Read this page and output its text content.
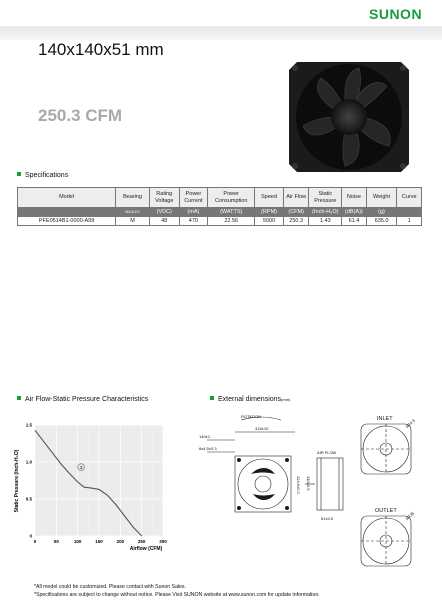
SUNON
140x140x51 mm
250.3 CFM
Specifications
Model	Bearing	Rating Voltage	Power Current	Power Consumption	Speed	Air Flow	Static Pressure	Noise	Weight	Curve
	MAGLEV	(VDC)	(mA)	(WATTS)	(RPM)	(CFM)	(Inch-H₂O)	(dB(A))	(g)	
PFE0514B1-0000-A99	M	48	470	22.56	5000	250.3	1.43	61.4	635.0	1
Air Flow-Static Pressure Characteristics
0	50	100	150	200	250	300
0
0.5
1.0
1.5
1
Airflow (CFM)
Static Pressure (Inch-H₂O)
External dimensions(mm)
ROTATION
315±10
140±1
8x4.5±0.3
124.5±0.3 140±0.5
AIR FLOW
51±0.5
INLET
OUTLET
Ø14.5
Ø135
*All model could be customized. Please contact with Sunon Sales.
*Specifications are subject to change without notice. Please Visit SUNON website at www.sunon.com for update information.
